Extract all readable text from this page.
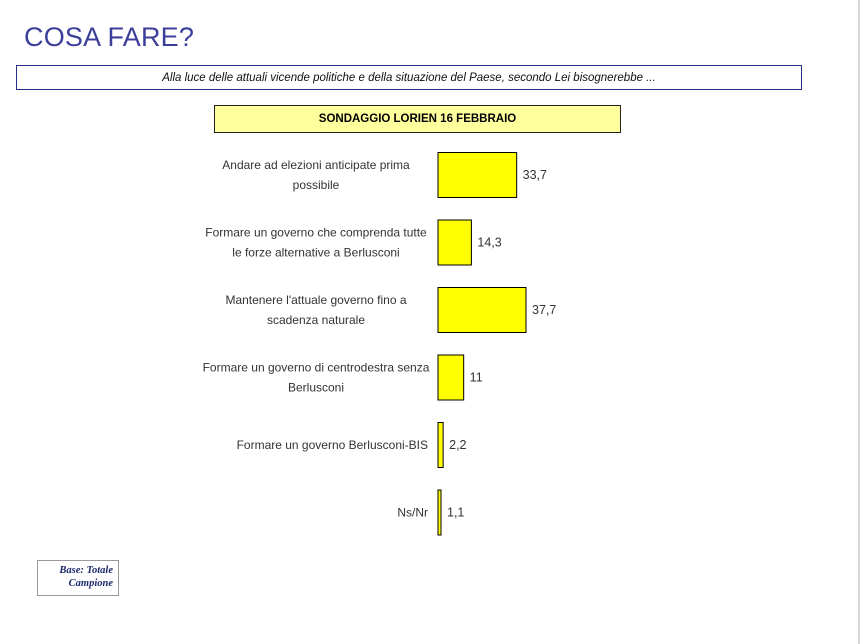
COSA FARE?
Alla luce delle attuali vicende politiche e della situazione del Paese, secondo Lei bisognerebbe ...
SONDAGGIO LORIEN 16 FEBBRAIO
33,7
Andare ad elezioni anticipate prima possibile
14,3
Formare un governo che comprenda tutte le forze alternative a Berlusconi
37,7
Mantenere l'attuale governo fino a scadenza naturale
11
Formare un governo di centrodestra senza Berlusconi
2,2
Formare un governo Berlusconi-BIS
1,1
Ns/Nr
Base: Totale
Campione
